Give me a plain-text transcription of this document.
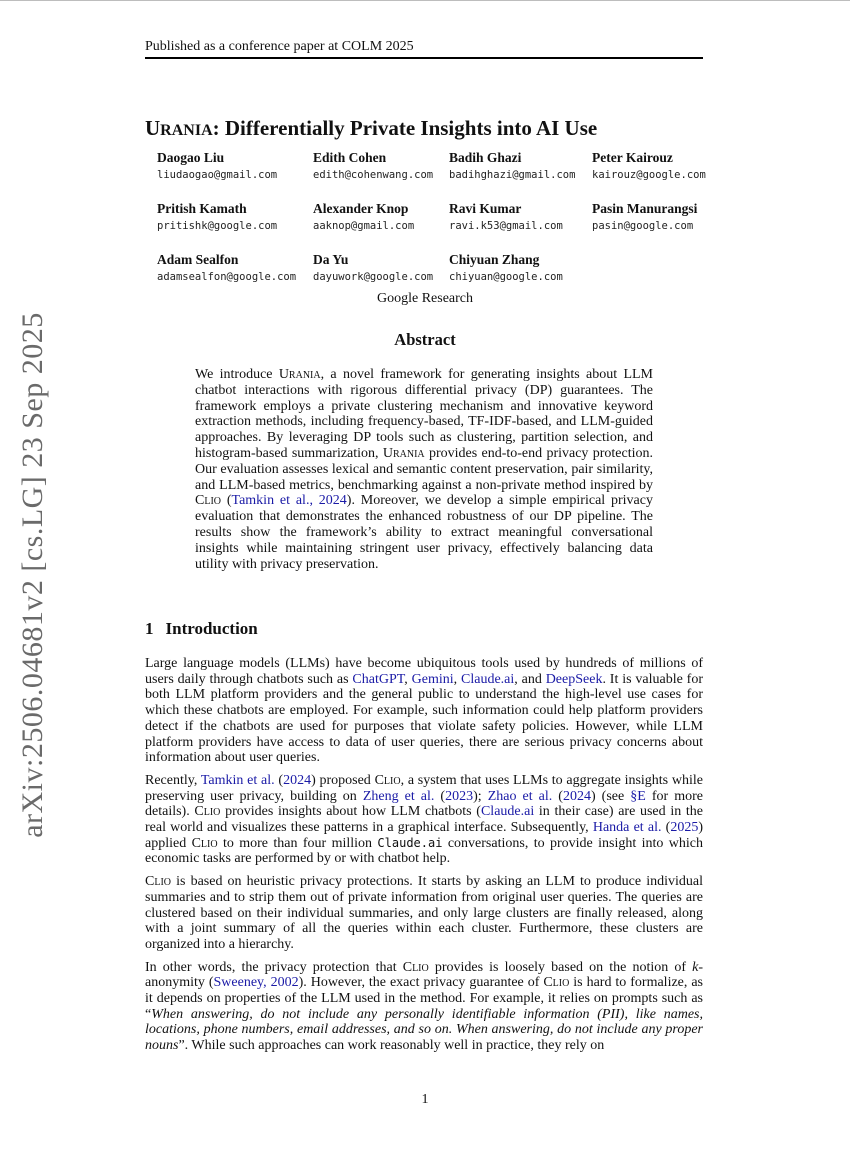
Published as a conference paper at COLM 2025
arXiv:2506.04681v2 [cs.LG] 23 Sep 2025
URANIA: Differentially Private Insights into AI Use
Daogao Liu
liudaogao@gmail.com
Edith Cohen
edith@cohenwang.com
Badih Ghazi
badihghazi@gmail.com
Peter Kairouz
kairouz@google.com
Pritish Kamath
pritishk@google.com
Alexander Knop
aaknop@gmail.com
Ravi Kumar
ravi.k53@gmail.com
Pasin Manurangsi
pasin@google.com
Adam Sealfon
adamsealfon@google.com
Da Yu
dayuwork@google.com
Chiyuan Zhang
chiyuan@google.com
Google Research
Abstract
We introduce Urania, a novel framework for generating insights about LLM chatbot interactions with rigorous differential privacy (DP) guarantees. The framework employs a private clustering mechanism and innovative keyword extraction methods, including frequency-based, TF-IDF-based, and LLM-guided approaches. By leveraging DP tools such as clustering, partition selection, and histogram-based summarization, Urania provides end-to-end privacy protection. Our evaluation assesses lexical and semantic content preservation, pair similarity, and LLM-based metrics, benchmarking against a non-private method inspired by Clio (Tamkin et al., 2024). Moreover, we develop a simple empirical privacy evaluation that demonstrates the enhanced robustness of our DP pipeline. The results show the framework’s ability to extract meaningful conversational insights while maintaining stringent user privacy, effectively balancing data utility with privacy preservation.
1 Introduction

Large language models (LLMs) have become ubiquitous tools used by hundreds of millions of users daily through chatbots such as ChatGPT, Gemini, Claude.ai, and DeepSeek. It is valuable for both LLM platform providers and the general public to understand the high-level use cases for which these chatbots are employed. For example, such information could help platform providers detect if the chatbots are used for purposes that violate safety policies. However, while LLM platform providers have access to data of user queries, there are serious privacy concerns about information about user queries.

Recently, Tamkin et al. (2024) proposed Clio, a system that uses LLMs to aggregate insights while preserving user privacy, building on Zheng et al. (2023); Zhao et al. (2024) (see §E for more details). Clio provides insights about how LLM chatbots (Claude.ai in their case) are used in the real world and visualizes these patterns in a graphical interface. Subsequently, Handa et al. (2025) applied Clio to more than four million Claude.ai conversations, to provide insight into which economic tasks are performed by or with chatbot help.

Clio is based on heuristic privacy protections. It starts by asking an LLM to produce individual summaries and to strip them out of private information from original user queries. The queries are clustered based on their individual summaries, and only large clusters are finally released, along with a joint summary of all the queries within each cluster. Furthermore, these clusters are organized into a hierarchy.

In other words, the privacy protection that Clio provides is loosely based on the notion of k-anonymity (Sweeney, 2002). However, the exact privacy guarantee of Clio is hard to formalize, as it depends on properties of the LLM used in the method. For example, it relies on prompts such as “When answering, do not include any personally identifiable information (PII), like names, locations, phone numbers, email addresses, and so on. When answering, do not include any proper nouns”. While such approaches can work reasonably well in practice, they rely on

1
